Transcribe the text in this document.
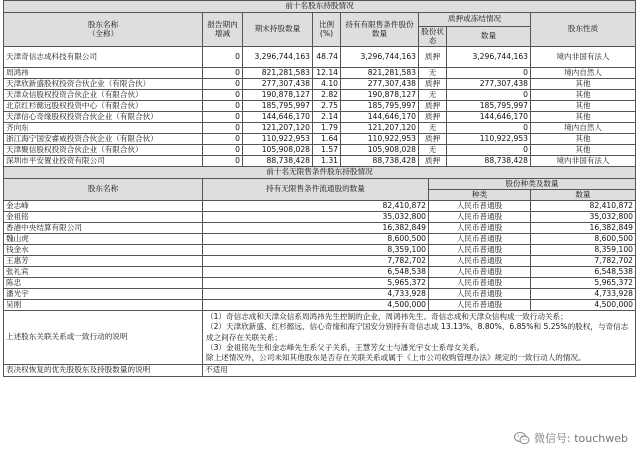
前十名股东持股情况							

股东名称
（全称）	报告期内增减	期末持股数量	比例(%)	持有有限售条件股份数量	质押或冻结情况		股东性质
					股份状态	数量	
天津奇信志成科技有限公司	0	3,296,744,163	48.74	3,296,744,163	质押	3,296,744,163	境内非国有法人
周鸿祎	0	821,281,583	12.14	821,281,583	无	0	境内自然人
天津欣新盛股权投资合伙企业（有限合伙）	0	277,307,438	4.10	277,307,438	质押	277,307,438	其他
天津众信股权投资合伙企业（有限合伙）	0	190,878,127	2.82	190,878,127	无	0	其他
北京红杉懿远股权投资中心（有限合伙）	0	185,795,997	2.75	185,795,997	质押	185,795,997	其他
天津信心奇缘股权投资合伙企业（有限合伙）	0	144,646,170	2.14	144,646,170	质押	144,646,170	其他
齐向东	0	121,207,120	1.79	121,207,120	无	0	境内自然人
浙江海宁国安睿威投资合伙企业（有限合伙）	0	110,922,953	1.64	110,922,953	质押	110,922,953	其他
天津聚信股权投资合伙企业（有限合伙）	0	105,908,028	1.57	105,908,028	无	0	其他
深圳市平安置业投资有限公司	0	88,738,428	1.31	88,738,428	质押	88,738,428	境内非国有法人
前十名无限售条件股东持股情况			
股东名称	持有无限售条件流通股的数量	股份种类及数量	
		种类	数量
金志峰	82,410,872	人民币普通股	82,410,872
金祖铭	35,032,800	人民币普通股	35,032,800
香港中央结算有限公司	16,382,849	人民币普通股	16,382,849
魏山虎	8,600,500	人民币普通股	8,600,500
钱金水	8,359,100	人民币普通股	8,359,100
王惠芳	7,782,702	人民币普通股	7,782,702
张礼宾	6,548,538	人民币普通股	6,548,538
陈忠	5,965,372	人民币普通股	5,965,372
潘光宇	4,733,928	人民币普通股	4,733,928
吴刚	4,500,000	人民币普通股	4,500,000
上述股东关联关系或一致行动的说明	（1）奇信志成和天津众信系周鸿祎先生控制的企业，周鸿祎先生、奇信志成和天津众信构成一致行动关系；
（2）天津欣新盛、红杉懿远、信心奇缘和海宁国安分别持有奇信志成 13.13%、8.80%、6.85%和 5.25%的股权，与奇信志成之间存在关联关系；
（3）金祖铭先生和金志峰先生系父子关系，王慧芳女士与潘光宇女士系母女关系。
除上述情况外，公司未知其他股东是否存在关联关系或属于《上市公司收购管理办法》规定的一致行动人的情况。		

表决权恢复的优先股股东及持股数量的说明	不适用		
微信号: touchweb
